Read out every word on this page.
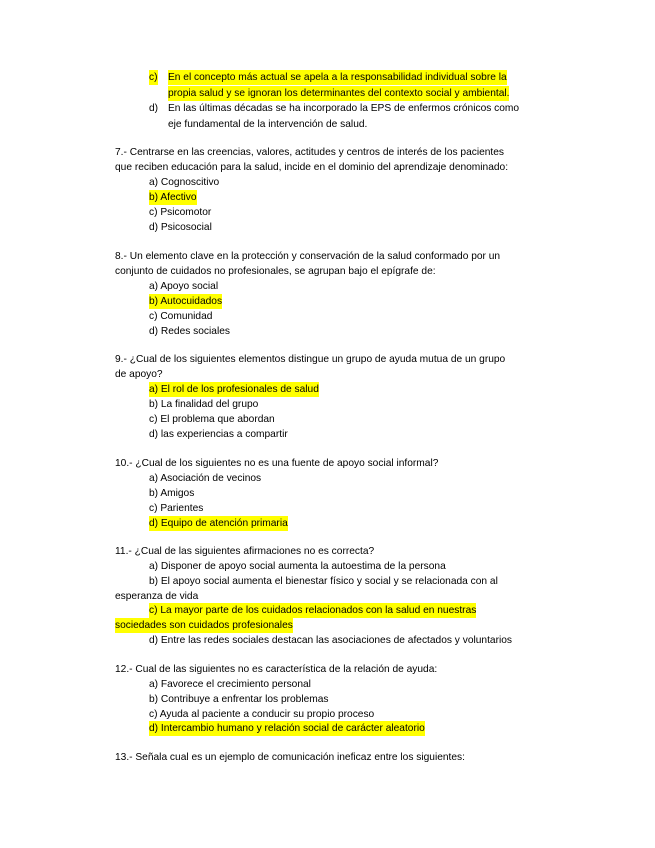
c) En el concepto más actual se apela a la responsabilidad individual sobre la
propia salud y se ignoran los determinantes del contexto social y ambiental.
d) En las últimas décadas se ha incorporado la EPS de enfermos crónicos como
eje fundamental de la intervención de salud.
7.- Centrarse en las creencias, valores, actitudes y centros de interés de los pacientes
que reciben educación para la salud, incide en el dominio del aprendizaje denominado:
a) Cognoscitivo
b) Afectivo
c) Psicomotor
d) Psicosocial
8.- Un elemento clave en la protección y conservación de la salud conformado por un
conjunto de cuidados no profesionales, se agrupan bajo el epígrafe de:
a) Apoyo social
b) Autocuidados
c) Comunidad
d) Redes sociales
9.- ¿Cual de los siguientes elementos distingue un grupo de ayuda mutua de un grupo
de apoyo?
a) El rol de los profesionales de salud
b) La finalidad del grupo
c) El problema que abordan
d) las experiencias a compartir
10.- ¿Cual de los siguientes no es una fuente de apoyo social informal?
a) Asociación de vecinos
b) Amigos
c) Parientes
d) Equipo de atención primaria
11.- ¿Cual de las siguientes afirmaciones no es correcta?
a) Disponer de apoyo social aumenta la autoestima de la persona
b) El apoyo social aumenta el bienestar físico y social y se relacionada con al
esperanza de vida
c) La mayor parte de los cuidados relacionados con la salud en nuestras
sociedades son cuidados profesionales
d) Entre las redes sociales destacan las asociaciones de afectados y voluntarios
12.- Cual de las siguientes no es característica de la relación de ayuda:
a) Favorece el crecimiento personal
b) Contribuye a enfrentar los problemas
c) Ayuda al paciente a conducir su propio proceso
d) Intercambio humano y relación social de carácter aleatorio
13.- Señala cual es un ejemplo de comunicación ineficaz entre los siguientes:
